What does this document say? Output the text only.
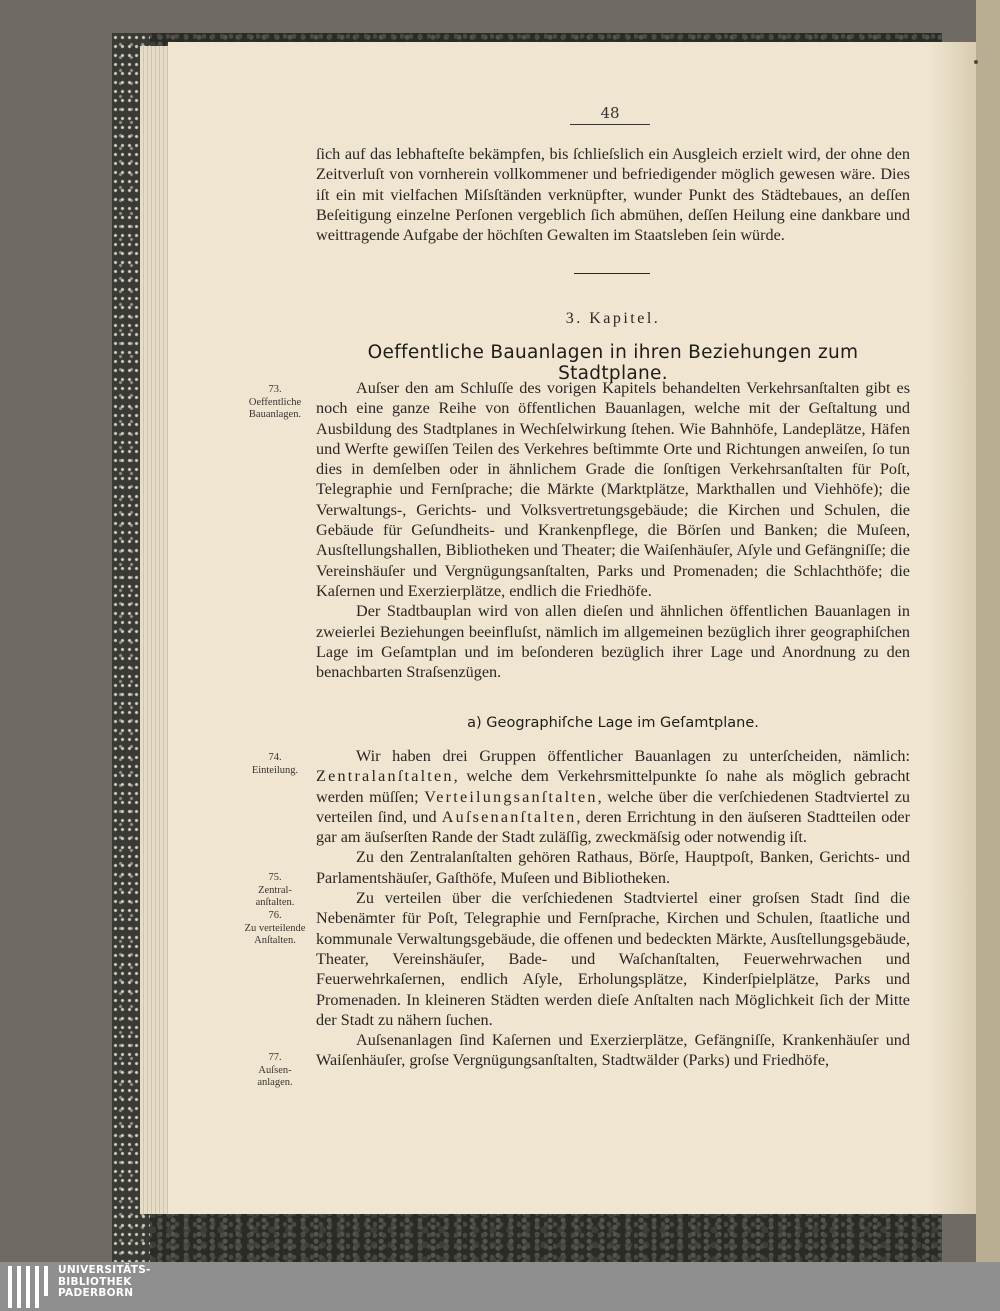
48

ſich auf das lebhafteſte bekämpfen, bis ſchlieſslich ein Ausgleich erzielt wird, der ohne den Zeitverluſt von vornherein vollkommener und befriedigender möglich gewesen wäre. Dies iſt ein mit vielfachen Miſsſtänden verknüpfter, wunder Punkt des Städtebaues, an deſſen Beſeitigung einzelne Perſonen vergeblich ſich abmühen, deſſen Heilung eine dankbare und weittragende Aufgabe der höchſten Gewalten im Staatsleben ſein würde.

3. Kapitel.
Oeffentliche Bauanlagen in ihren Beziehungen zum Stadtplane.

Auſser den am Schluſſe des vorigen Kapitels behandelten Verkehrsanſtalten gibt es noch eine ganze Reihe von öffentlichen Bauanlagen, welche mit der Geſtaltung und Ausbildung des Stadtplanes in Wechſelwirkung ſtehen. Wie Bahnhöfe, Landeplätze, Häfen und Werfte gewiſſen Teilen des Verkehres beſtimmte Orte und Richtungen anweiſen, ſo tun dies in demſelben oder in ähnlichem Grade die ſonſtigen Verkehrsanſtalten für Poſt, Telegraphie und Fernſprache; die Märkte (Marktplätze, Markthallen und Viehhöfe); die Verwaltungs-, Gerichts- und Volksvertretungsgebäude; die Kirchen und Schulen, die Gebäude für Geſundheits- und Krankenpflege, die Börſen und Banken; die Muſeen, Ausſtellungshallen, Bibliotheken und Theater; die Waiſenhäuſer, Aſyle und Gefängniſſe; die Vereinshäuſer und Vergnügungsanſtalten, Parks und Promenaden; die Schlachthöfe; die Kaſernen und Exerzierplätze, endlich die Friedhöfe.

Der Stadtbauplan wird von allen dieſen und ähnlichen öffentlichen Bauanlagen in zweierlei Beziehungen beeinfluſst, nämlich im allgemeinen bezüglich ihrer geographiſchen Lage im Geſamtplan und im beſonderen bezüglich ihrer Lage und Anordnung zu den benachbarten Straſsenzügen.

a) Geographiſche Lage im Geſamtplane.

Wir haben drei Gruppen öffentlicher Bauanlagen zu unterſcheiden, nämlich: Zentralanſtalten, welche dem Verkehrsmittelpunkte ſo nahe als möglich gebracht werden müſſen; Verteilungsanſtalten, welche über die verſchiedenen Stadtviertel zu verteilen ſind, und Auſsenanſtalten, deren Errichtung in den äuſseren Stadtteilen oder gar am äuſserſten Rande der Stadt zuläſſig, zweckmäſsig oder notwendig iſt.

Zu den Zentralanſtalten gehören Rathaus, Börſe, Hauptpoſt, Banken, Gerichts- und Parlamentshäuſer, Gaſthöfe, Muſeen und Bibliotheken.

Zu verteilen über die verſchiedenen Stadtviertel einer groſsen Stadt ſind die Nebenämter für Poſt, Telegraphie und Fernſprache, Kirchen und Schulen, ſtaatliche und kommunale Verwaltungsgebäude, die offenen und bedeckten Märkte, Ausſtellungsgebäude, Theater, Vereinshäuſer, Bade- und Waſchanſtalten, Feuerwehrwachen und Feuerwehrkaſernen, endlich Aſyle, Erholungsplätze, Kinderſpielplätze, Parks und Promenaden. In kleineren Städten werden dieſe Anſtalten nach Möglichkeit ſich der Mitte der Stadt zu nähern ſuchen.

Auſsenanlagen ſind Kaſernen und Exerzierplätze, Gefängniſſe, Krankenhäuſer und Waiſenhäuſer, groſse Vergnügungsanſtalten, Stadtwälder (Parks) und Friedhöfe,

73.
Oeffentliche Bauanlagen.
74.
Einteilung.
75.
Zentral-anſtalten.
76.
Zu verteilende Anſtalten.
77.
Auſsen-anlagen.
UNIVERSITÄTS-
BIBLIOTHEK
PADERBORN
